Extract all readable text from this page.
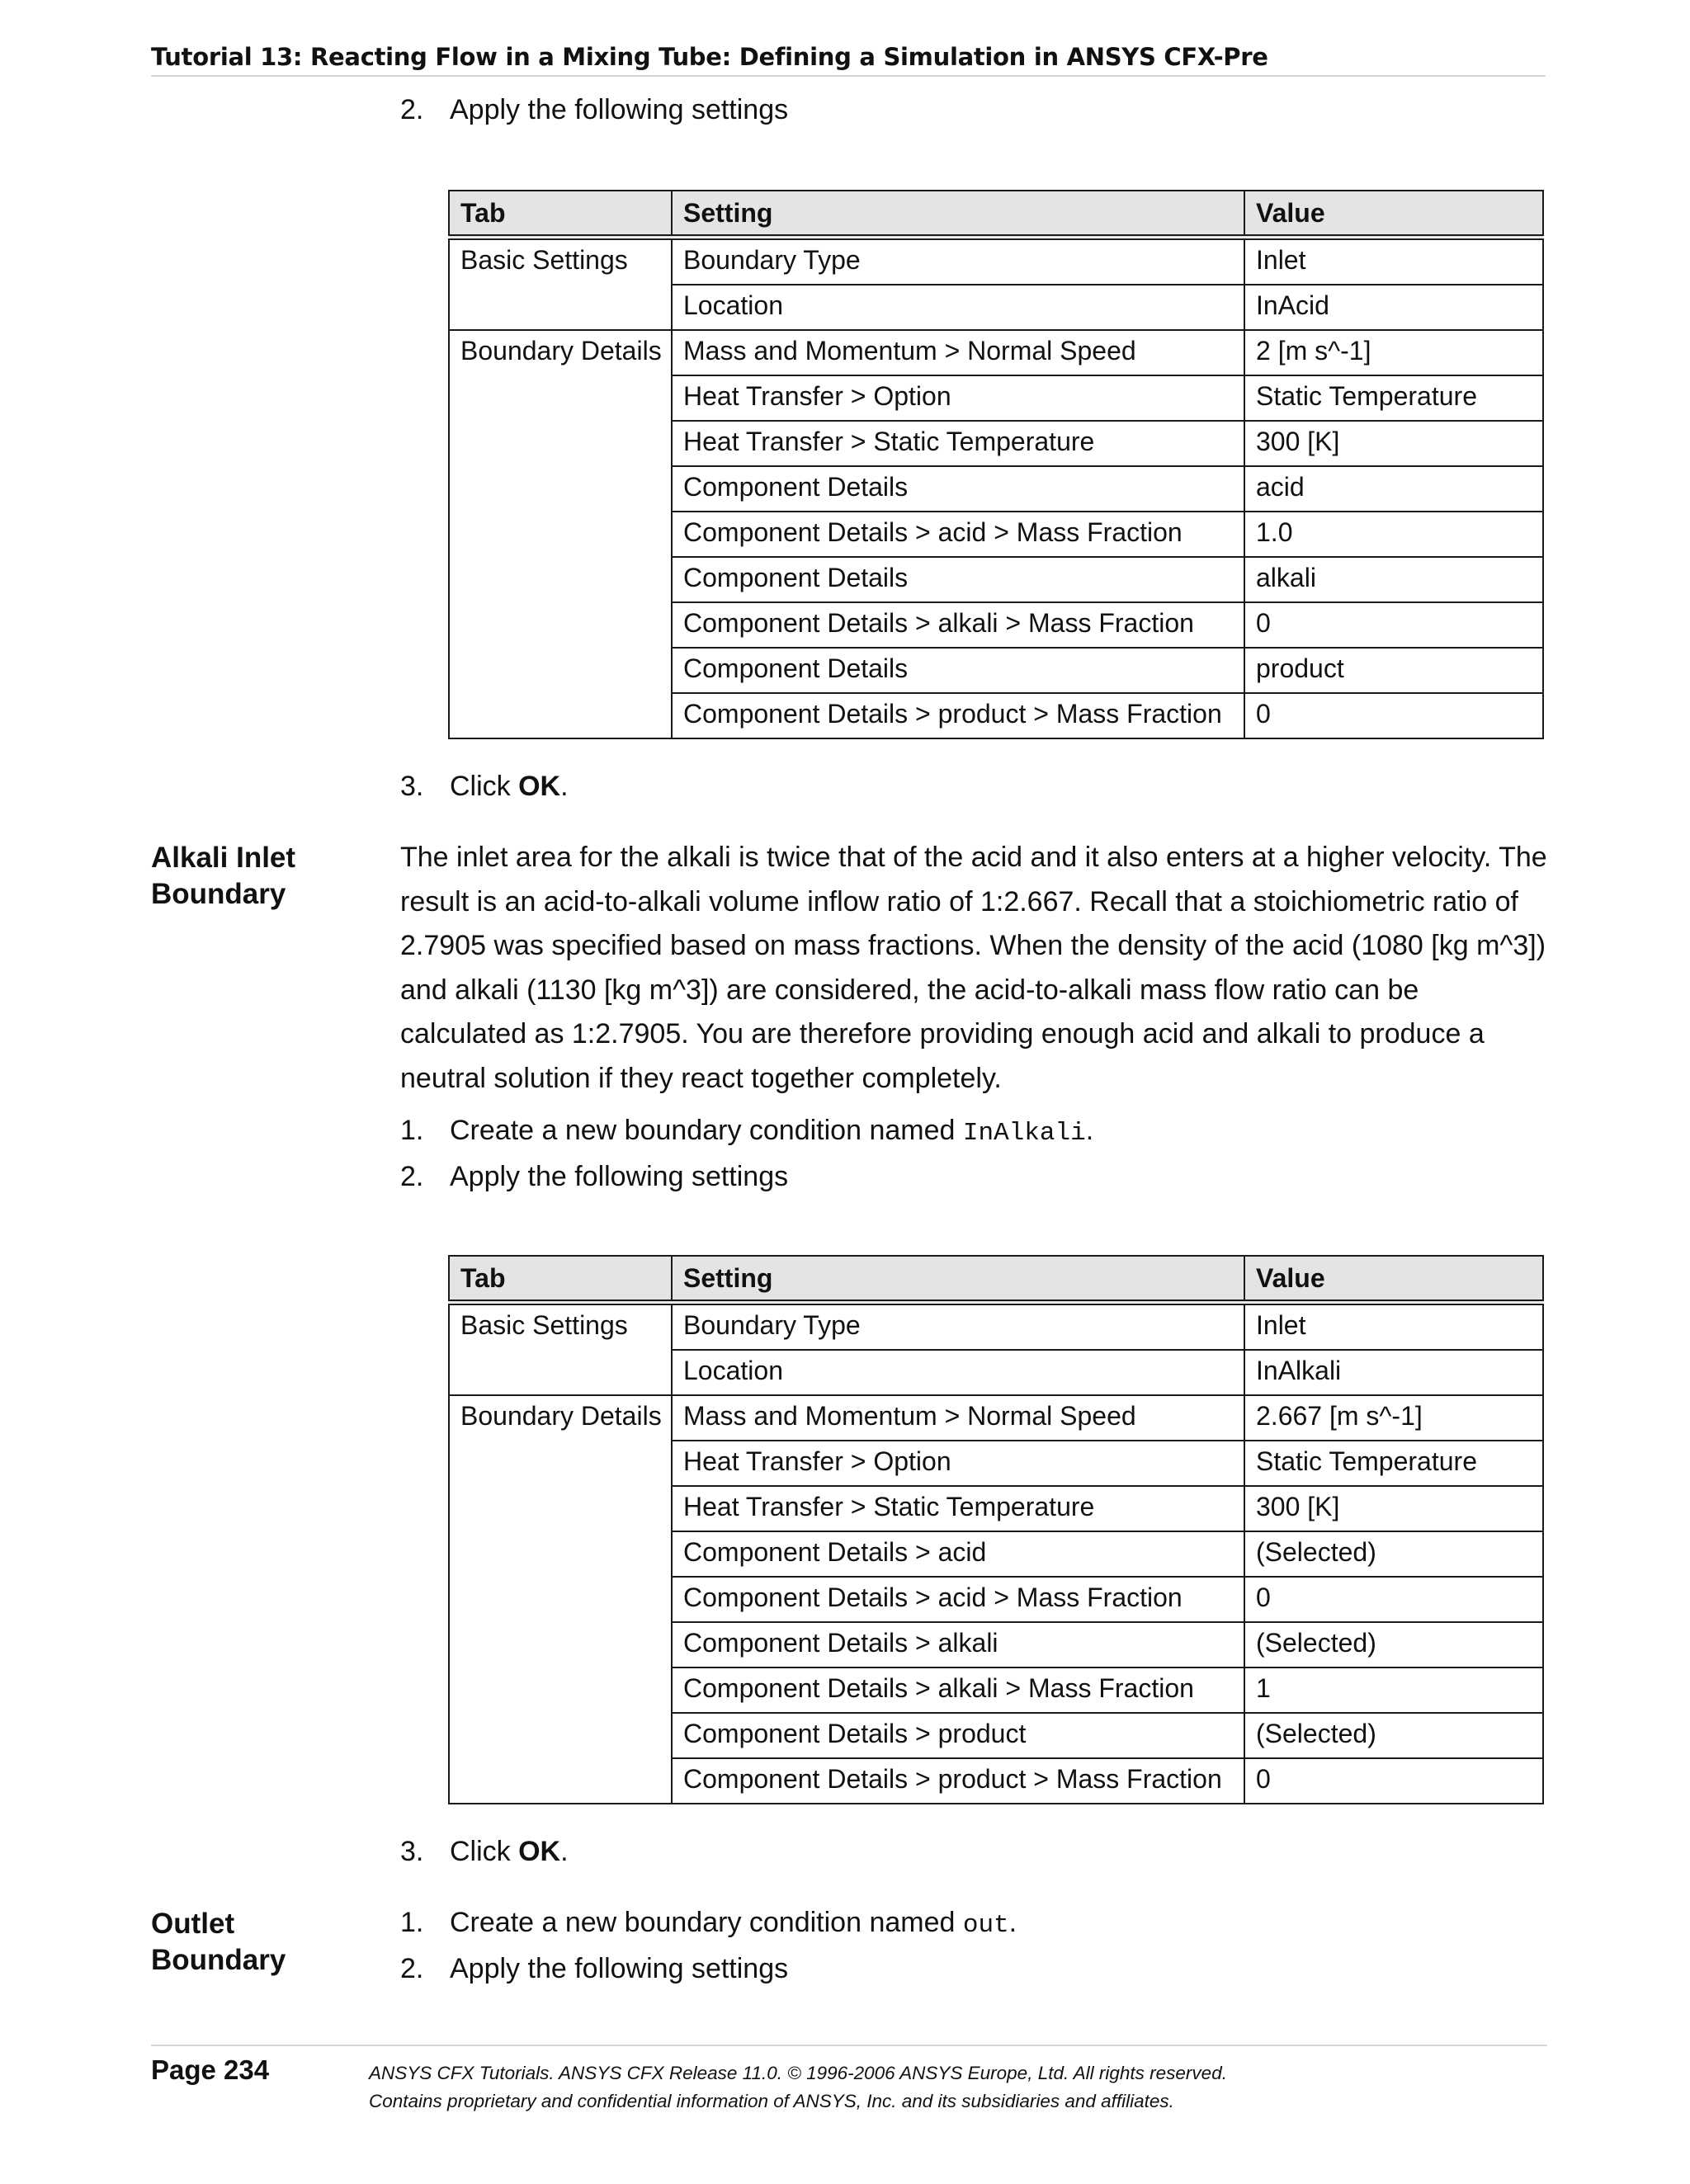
Tutorial 13: Reacting Flow in a Mixing Tube: Defining a Simulation in ANSYS CFX-Pre
2. Apply the following settings
Tab	Setting	Value
Basic Settings	Boundary Type	Inlet
	Location	InAcid
Boundary Details	Mass and Momentum > Normal Speed	2 [m s^-1]
	Heat Transfer > Option	Static Temperature
	Heat Transfer > Static Temperature	300 [K]
	Component Details	acid
	Component Details > acid > Mass Fraction	1.0
	Component Details	alkali
	Component Details > alkali > Mass Fraction	0
	Component Details	product
	Component Details > product > Mass Fraction	0
3. Click OK.
Alkali Inlet
Boundary
The inlet area for the alkali is twice that of the acid and it also enters at a higher velocity. The result is an acid-to-alkali volume inflow ratio of 1:2.667. Recall that a stoichiometric ratio of 2.7905 was specified based on mass fractions. When the density of the acid (1080 [kg m^3]) and alkali (1130 [kg m^3]) are considered, the acid-to-alkali mass flow ratio can be calculated as 1:2.7905. You are therefore providing enough acid and alkali to produce a neutral solution if they react together completely.
1. Create a new boundary condition named InAlkali.
2. Apply the following settings
Tab	Setting	Value
Basic Settings	Boundary Type	Inlet
	Location	InAlkali
Boundary Details	Mass and Momentum > Normal Speed	2.667 [m s^-1]
	Heat Transfer > Option	Static Temperature
	Heat Transfer > Static Temperature	300 [K]
	Component Details > acid	(Selected)
	Component Details > acid > Mass Fraction	0
	Component Details > alkali	(Selected)
	Component Details > alkali > Mass Fraction	1
	Component Details > product	(Selected)
	Component Details > product > Mass Fraction	0
3. Click OK.
Outlet
Boundary
1. Create a new boundary condition named out.
2. Apply the following settings
Page 234	ANSYS CFX Tutorials. ANSYS CFX Release 11.0. © 1996-2006 ANSYS Europe, Ltd. All rights reserved.
Contains proprietary and confidential information of ANSYS, Inc. and its subsidiaries and affiliates.
